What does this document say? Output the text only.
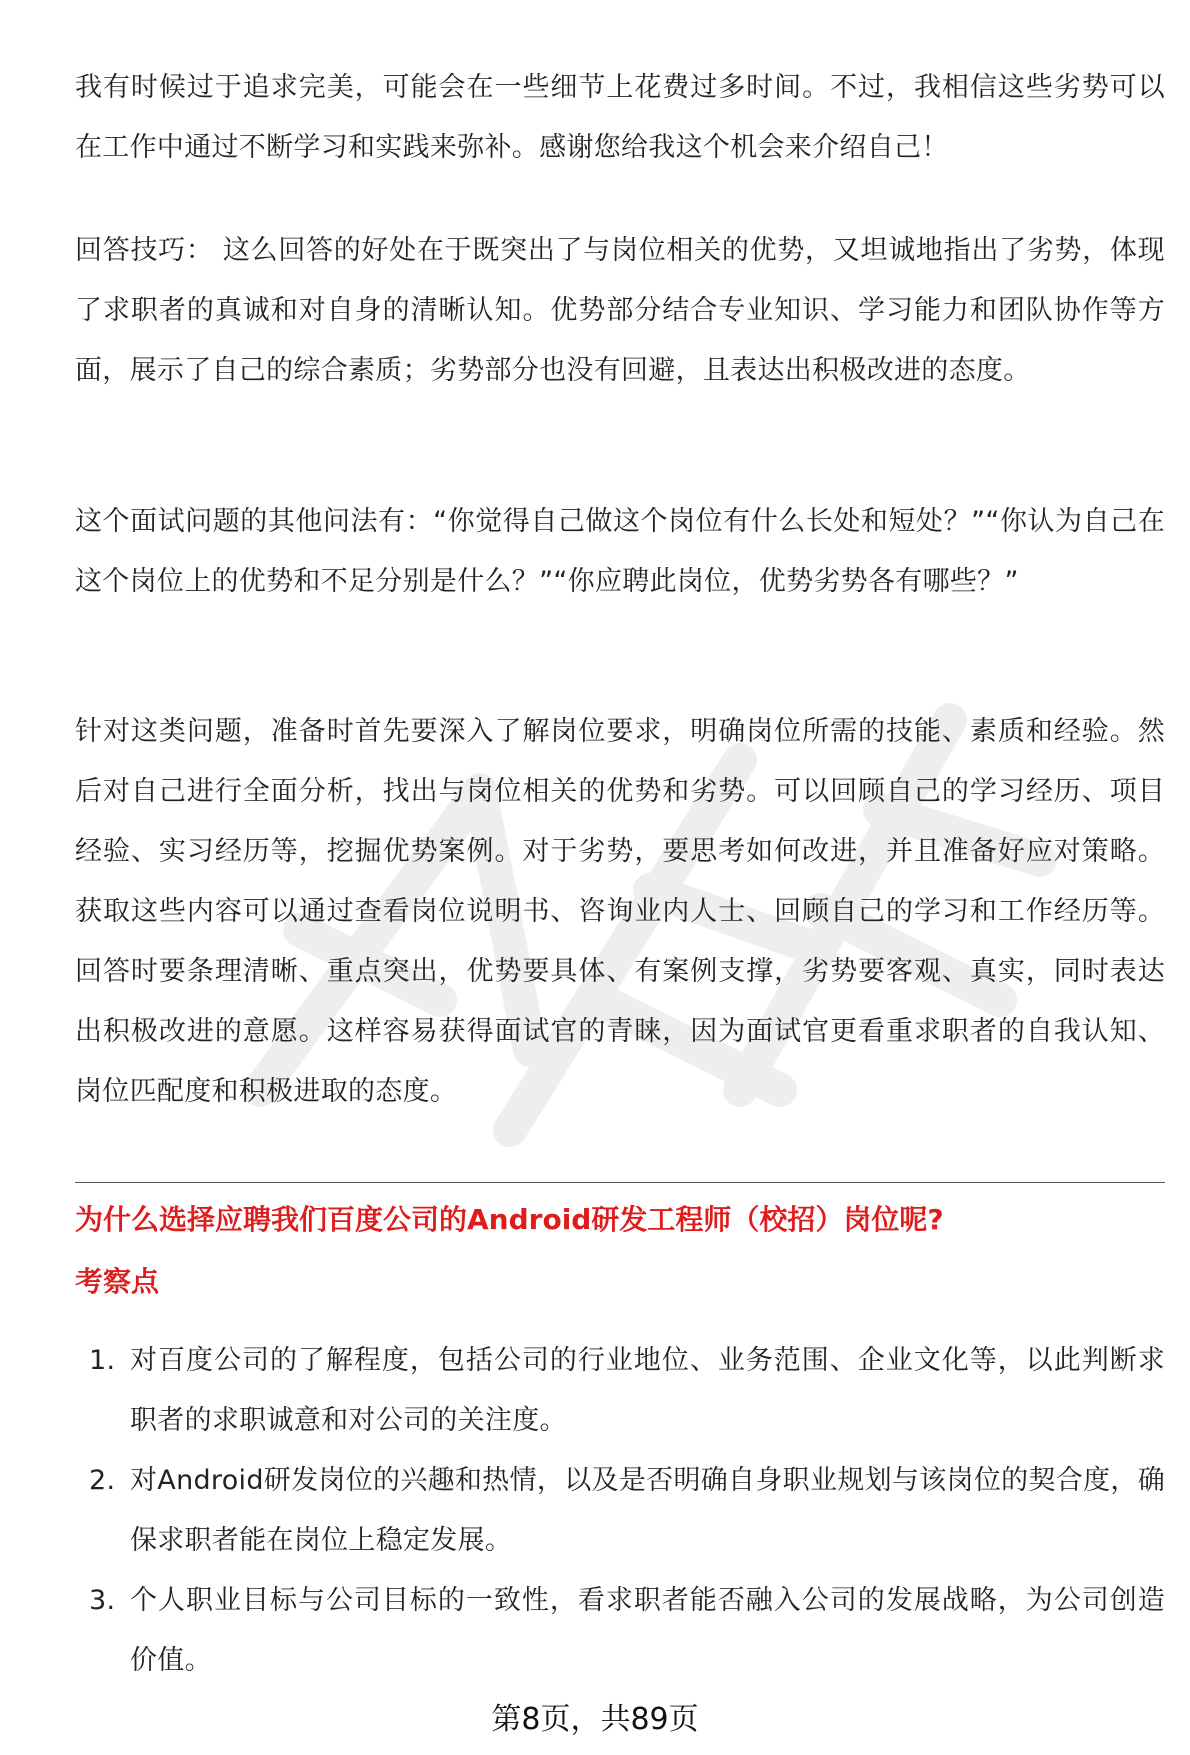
我有时候过于追求完美，可能会在一些细节上花费过多时间。不过，我相信这些劣势可以在工作中通过不断学习和实践来弥补。感谢您给我这个机会来介绍自己！

回答技巧： 这么回答的好处在于既突出了与岗位相关的优势，又坦诚地指出了劣势，体现了求职者的真诚和对自身的清晰认知。优势部分结合专业知识、学习能力和团队协作等方面，展示了自己的综合素质；劣势部分也没有回避，且表达出积极改进的态度。

这个面试问题的其他问法有：“你觉得自己做这个岗位有什么长处和短处？”“你认为自己在这个岗位上的优势和不足分别是什么？”“你应聘此岗位，优势劣势各有哪些？”

针对这类问题，准备时首先要深入了解岗位要求，明确岗位所需的技能、素质和经验。然后对自己进行全面分析，找出与岗位相关的优势和劣势。可以回顾自己的学习经历、项目经验、实习经历等，挖掘优势案例。对于劣势，要思考如何改进，并且准备好应对策略。获取这些内容可以通过查看岗位说明书、咨询业内人士、回顾自己的学习和工作经历等。回答时要条理清晰、重点突出，优势要具体、有案例支撑，劣势要客观、真实，同时表达出积极改进的意愿。这样容易获得面试官的青睐，因为面试官更看重求职者的自我认知、岗位匹配度和积极进取的态度。

为什么选择应聘我们百度公司的Android研发工程师（校招）岗位呢?
考察点
1. 对百度公司的了解程度，包括公司的行业地位、业务范围、企业文化等，以此判断求职者的求职诚意和对公司的关注度。
2. 对Android研发岗位的兴趣和热情，以及是否明确自身职业规划与该岗位的契合度，确保求职者能在岗位上稳定发展。
3. 个人职业目标与公司目标的一致性，看求职者能否融入公司的发展战略，为公司创造价值。
第8页，共89页
